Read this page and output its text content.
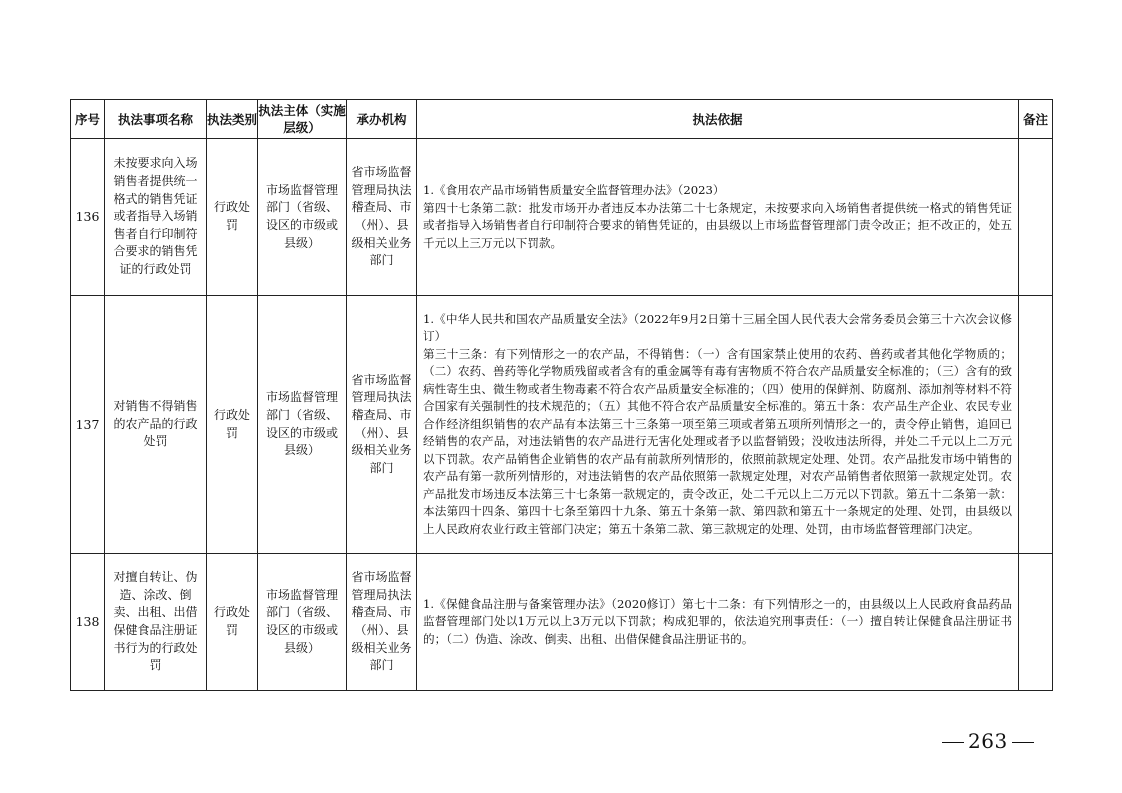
序号	执法事项名称	执法类别	执法主体（实施层级）	承办机构	执法依据	备注
136	未按要求向入场销售者提供统一格式的销售凭证或者指导入场销售者自行印制符合要求的销售凭证的行政处罚	行政处罚	市场监督管理部门（省级、设区的市级或县级）	省市场监督管理局执法稽查局、市（州）、县级相关业务部门	1.《食用农产品市场销售质量安全监督管理办法》（2023）

第四十七条第二款：批发市场开办者违反本办法第二十七条规定，未按要求向入场销售者提供统一格式的销售凭证或者指导入场销售者自行印制符合要求的销售凭证的，由县级以上市场监督管理部门责令改正；拒不改正的，处五千元以上三万元以下罚款。	

137	对销售不得销售的农产品的行政处罚	行政处罚	市场监督管理部门（省级、设区的市级或县级）	省市场监督管理局执法稽查局、市（州）、县级相关业务部门	1.《中华人民共和国农产品质量安全法》（2022年9月2日第十三届全国人民代表大会常务委员会第三十六次会议修订）

第三十三条：有下列情形之一的农产品，不得销售：（一）含有国家禁止使用的农药、兽药或者其他化学物质的；（二）农药、兽药等化学物质残留或者含有的重金属等有毒有害物质不符合农产品质量安全标准的；（三）含有的致病性寄生虫、微生物或者生物毒素不符合农产品质量安全标准的；（四）使用的保鲜剂、防腐剂、添加剂等材料不符合国家有关强制性的技术规范的；（五）其他不符合农产品质量安全标准的。第五十条：农产品生产企业、农民专业合作经济组织销售的农产品有本法第三十三条第一项至第三项或者第五项所列情形之一的，责令停止销售，追回已经销售的农产品，对违法销售的农产品进行无害化处理或者予以监督销毁；没收违法所得，并处二千元以上二万元以下罚款。农产品销售企业销售的农产品有前款所列情形的，依照前款规定处理、处罚。农产品批发市场中销售的农产品有第一款所列情形的，对违法销售的农产品依照第一款规定处理，对农产品销售者依照第一款规定处罚。农产品批发市场违反本法第三十七条第一款规定的，责令改正，处二千元以上二万元以下罚款。第五十二条第一款：本法第四十四条、第四十七条至第四十九条、第五十条第一款、第四款和第五十一条规定的处理、处罚，由县级以上人民政府农业行政主管部门决定；第五十条第二款、第三款规定的处理、处罚，由市场监督管理部门决定。	

138	对擅自转让、伪造、涂改、倒卖、出租、出借保健食品注册证书行为的行政处罚	行政处罚	市场监督管理部门（省级、设区的市级或县级）	省市场监督管理局执法稽查局、市（州）、县级相关业务部门	1.《保健食品注册与备案管理办法》（2020修订）第七十二条：有下列情形之一的，由县级以上人民政府食品药品监督管理部门处以1万元以上3万元以下罚款；构成犯罪的，依法追究刑事责任：（一）擅自转让保健食品注册证书的；（二）伪造、涂改、倒卖、出租、出借保健食品注册证书的。	

263
